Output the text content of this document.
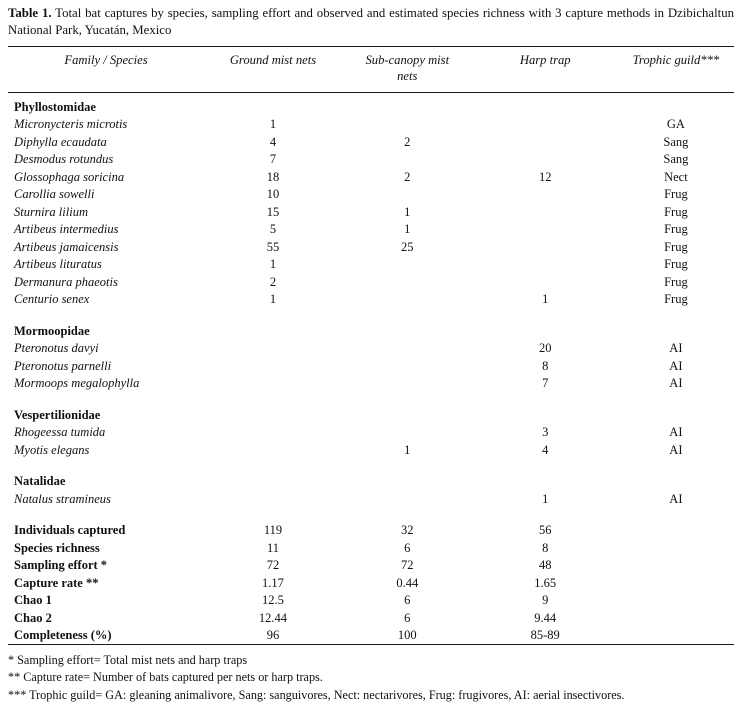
Table 1. Total bat captures by species, sampling effort and observed and estimated species richness with 3 capture methods in Dzibichaltun National Park, Yucatán, Mexico

Family / Species	Ground mist nets	Sub-canopy mist nets	Harp trap	Trophic guild***
Phyllostomidae				
Micronycteris microtis	1			GA
Diphylla ecaudata	4	2		Sang
Desmodus rotundus	7			Sang
Glossophaga soricina	18	2	12	Nect
Carollia sowelli	10			Frug
Sturnira lilium	15	1		Frug
Artibeus intermedius	5	1		Frug
Artibeus jamaicensis	55	25		Frug
Artibeus lituratus	1			Frug
Dermanura phaeotis	2			Frug
Centurio senex	1		1	Frug

Mormoopidae				
Pteronotus davyi			20	AI
Pteronotus parnelli			8	AI
Mormoops megalophylla			7	AI

Vespertilionidae				
Rhogeessa tumida			3	AI
Myotis elegans		1	4	AI

Natalidae				
Natalus stramineus			1	AI

Individuals captured	119	32	56	
Species richness	11	6	8	
Sampling effort *	72	72	48	
Capture rate **	1.17	0.44	1.65	
Chao 1	12.5	6	9	
Chao 2	12.44	6	9.44	
Completeness (%)	96	100	85-89	

* Sampling effort= Total mist nets and harp traps

** Capture rate= Number of bats captured per nets or harp traps.

*** Trophic guild= GA: gleaning animalivore, Sang: sanguivores, Nect: nectarivores, Frug: frugivores, AI: aerial insectivores.
